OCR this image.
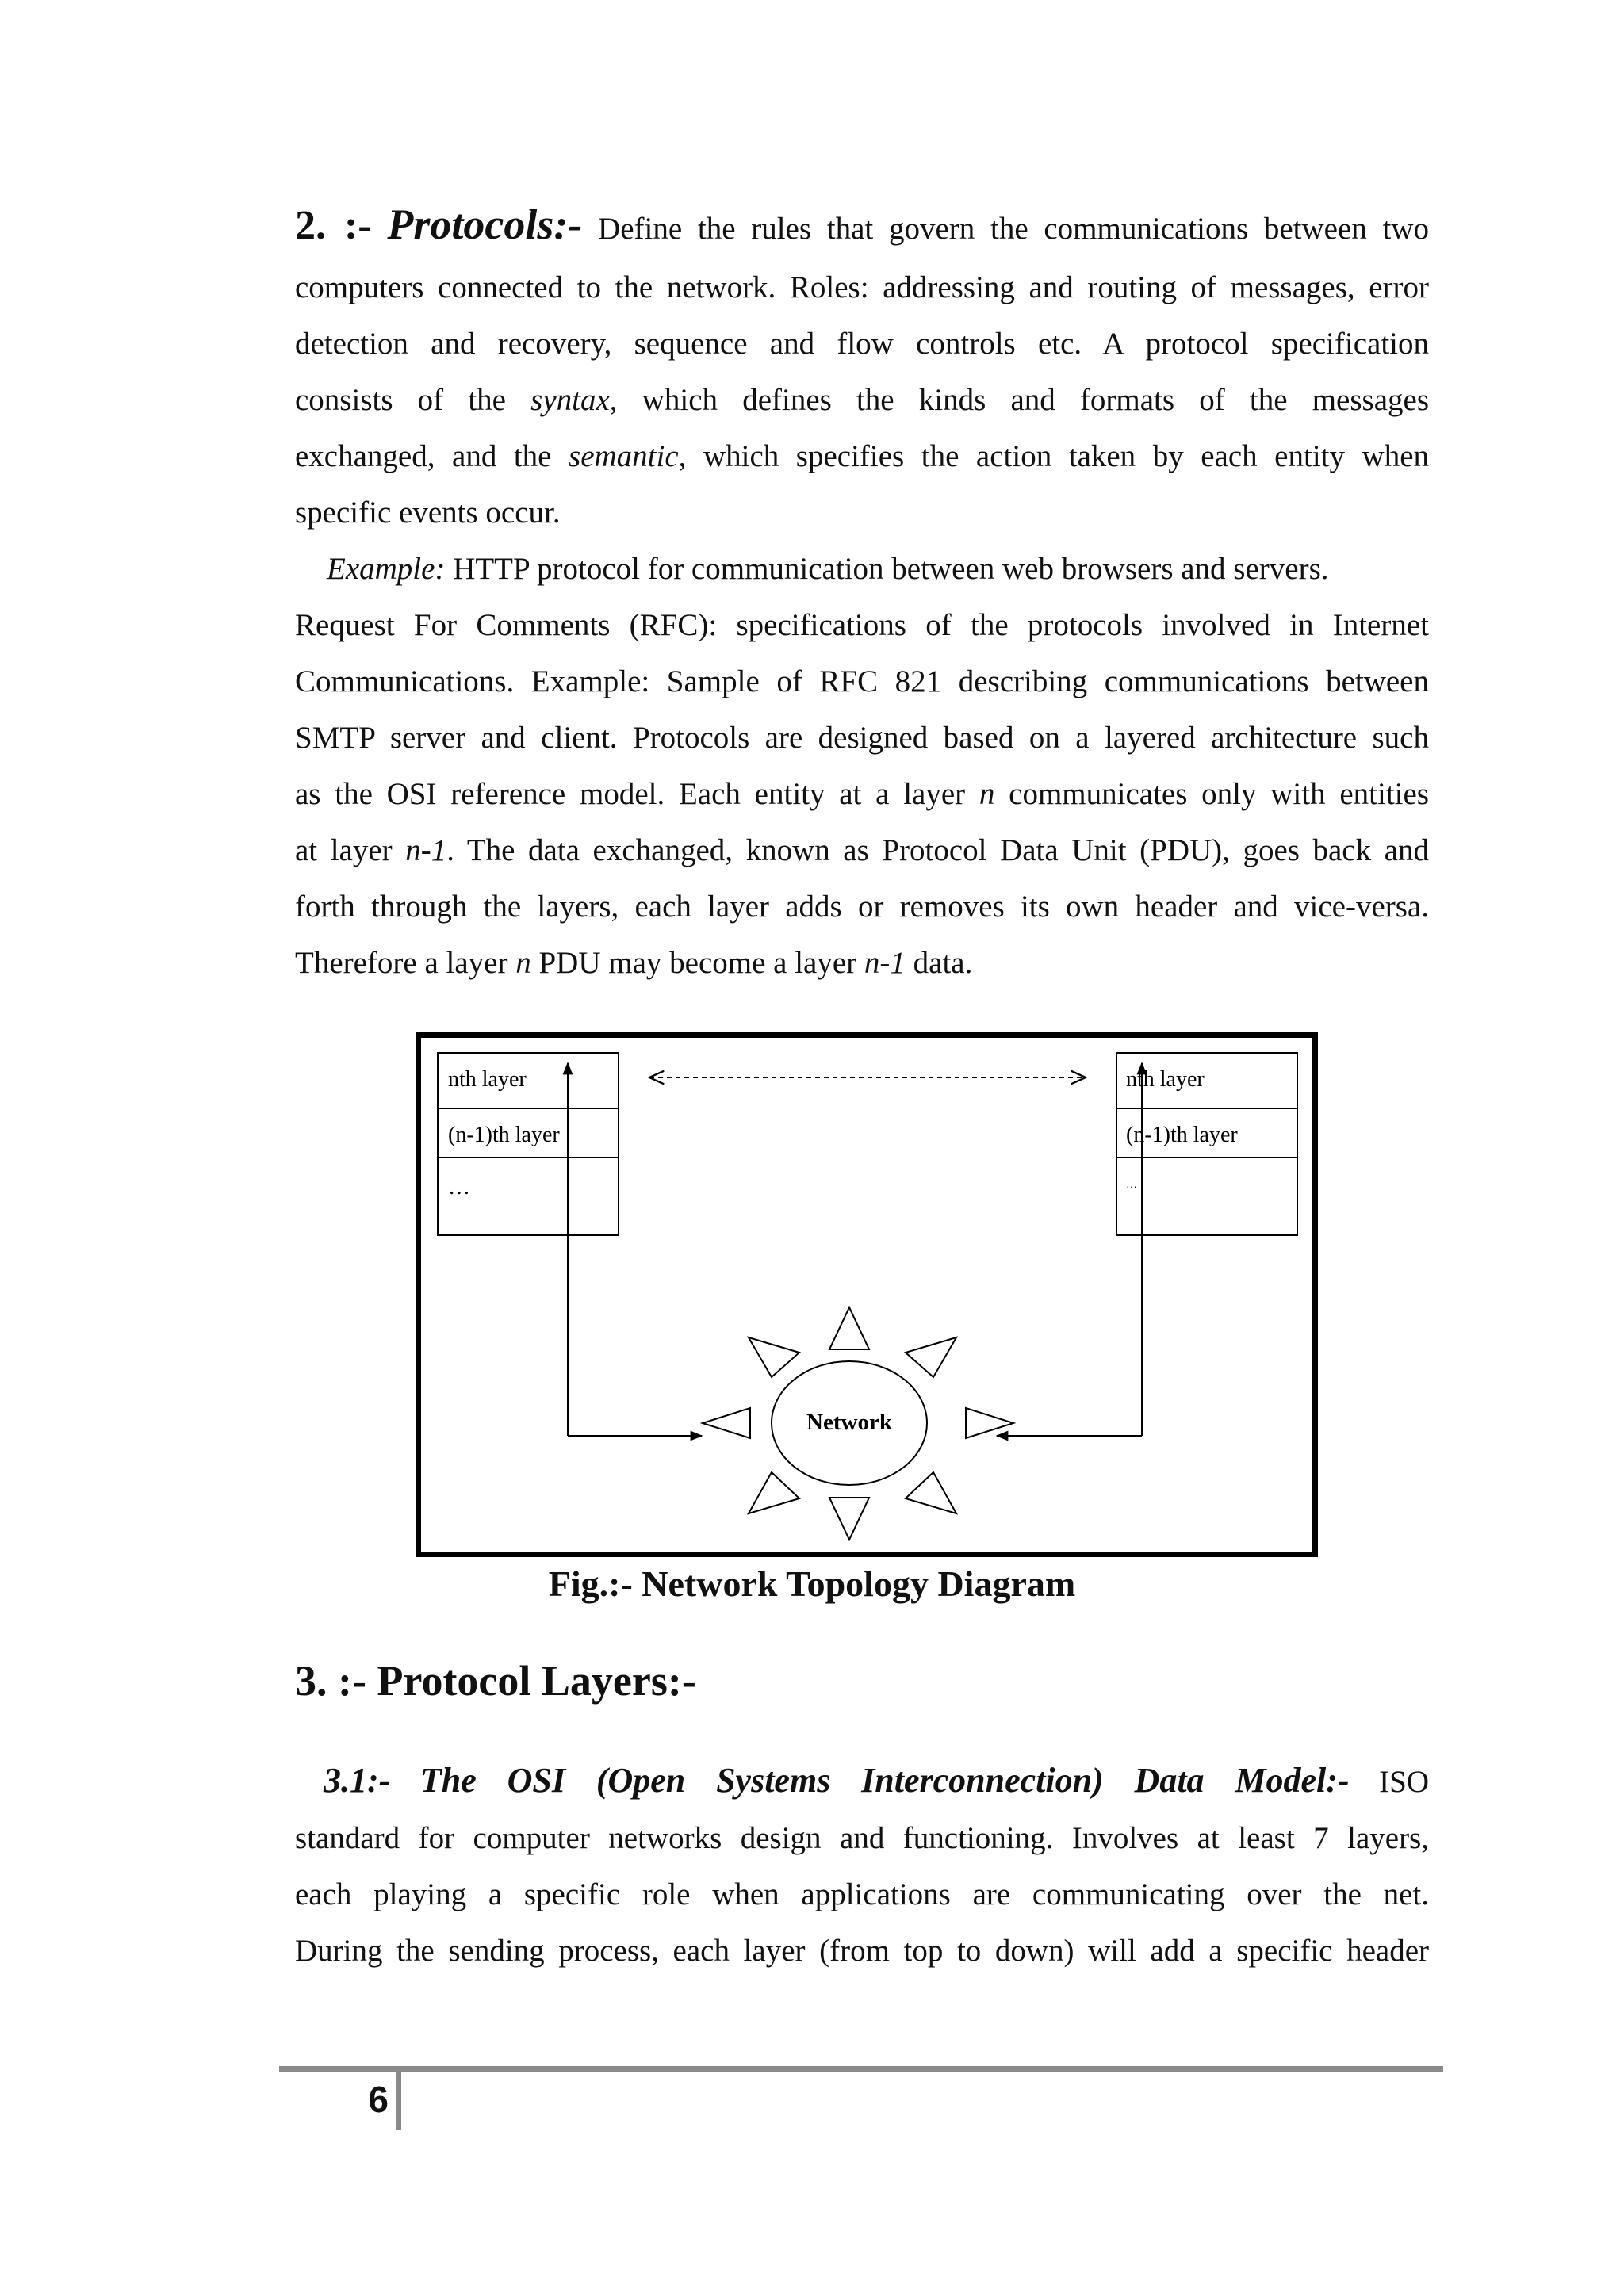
2. :- Protocols:- Define the rules that govern the communications between two

computers connected to the network. Roles: addressing and routing of messages, error

detection and recovery, sequence and flow controls etc. A protocol specification

consists of the syntax, which defines the kinds and formats of the messages

exchanged, and the semantic, which specifies the action taken by each entity when

specific events occur.

Example: HTTP protocol for communication between web browsers and servers.

Request For Comments (RFC): specifications of the protocols involved in Internet

Communications. Example: Sample of RFC 821 describing communications between

SMTP server and client. Protocols are designed based on a layered architecture such

as the OSI reference model. Each entity at a layer n communicates only with entities

at layer n-1. The data exchanged, known as Protocol Data Unit (PDU), goes back and

forth through the layers, each layer adds or removes its own header and vice-versa.

Therefore a layer n PDU may become a layer n-1 data.

nth layer
(n-1)th layer
…
nth layer
(n-1)th layer
…
Network
Fig.:- Network Topology Diagram
3. :- Protocol Layers:-

3.1:- The OSI (Open Systems Interconnection) Data Model:- ISO

standard for computer networks design and functioning. Involves at least 7 layers,

each playing a specific role when applications are communicating over the net.

During the sending process, each layer (from top to down) will add a specific header

6
